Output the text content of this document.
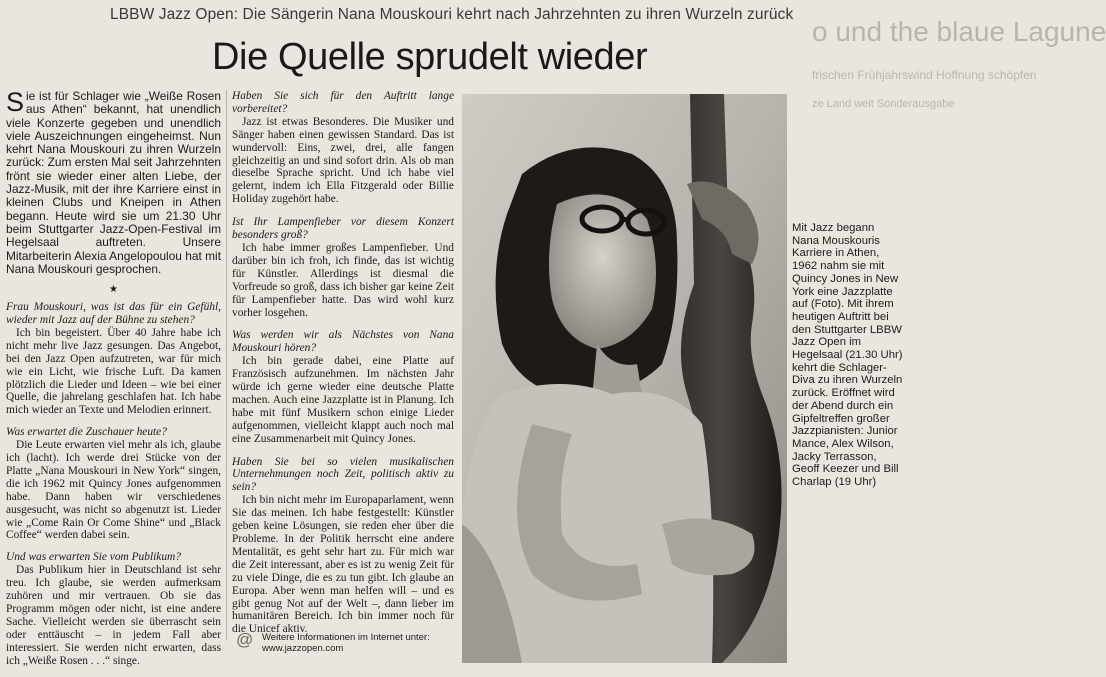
LBBW Jazz Open: Die Sängerin Nana Mouskouri kehrt nach Jahrzehnten zu ihren Wurzeln zurück
Die Quelle sprudelt wieder
o und the blaue Lagune
frischen Frühjahrswind Hoffnung schöpfen
ze Land weit Sonderausgabe

Sie ist für Schlager wie „Weiße Rosen aus Athen“ bekannt, hat unendlich viele Konzerte gegeben und unendlich viele Auszeichnungen eingeheimst. Nun kehrt Nana Mouskouri zu ihren Wurzeln zurück: Zum ersten Mal seit Jahrzehnten frönt sie wieder einer alten Liebe, der Jazz-Musik, mit der ihre Karriere einst in kleinen Clubs und Kneipen in Athen begann. Heute wird sie um 21.30 Uhr beim Stuttgarter Jazz-Open-Festival im Hegelsaal auftreten. Unsere Mitarbeiterin Alexia Angelopoulou hat mit Nana Mouskouri gesprochen.

★

Frau Mouskouri, was ist das für ein Gefühl, wieder mit Jazz auf der Bühne zu stehen?

Ich bin begeistert. Über 40 Jahre habe ich nicht mehr live Jazz gesungen. Das Angebot, bei den Jazz Open aufzutreten, war für mich wie ein Licht, wie frische Luft. Da kamen plötzlich die Lieder und Ideen – wie bei einer Quelle, die jahrelang geschlafen hat. Ich habe mich wieder an Texte und Melodien erinnert.

Was erwartet die Zuschauer heute?

Die Leute erwarten viel mehr als ich, glaube ich (lacht). Ich werde drei Stücke von der Platte „Nana Mouskouri in New York“ singen, die ich 1962 mit Quincy Jones aufgenommen habe. Dann haben wir verschiedenes ausgesucht, was nicht so abgenutzt ist. Lieder wie „Come Rain Or Come Shine“ und „Black Coffee“ werden dabei sein.

Und was erwarten Sie vom Publikum?

Das Publikum hier in Deutschland ist sehr treu. Ich glaube, sie werden aufmerksam zuhören und mir vertrauen. Ob sie das Programm mögen oder nicht, ist eine andere Sache. Vielleicht werden sie überrascht sein oder enttäuscht – in jedem Fall aber interessiert. Sie werden nicht erwarten, dass ich „Weiße Rosen . . .“ singe.

Haben Sie sich für den Auftritt lange vorbereitet?

Jazz ist etwas Besonderes. Die Musiker und Sänger haben einen gewissen Standard. Das ist wundervoll: Eins, zwei, drei, alle fangen gleichzeitig an und sind sofort drin. Als ob man dieselbe Sprache spricht. Und ich habe viel gelernt, indem ich Ella Fitzgerald oder Billie Holiday zugehört habe.

Ist Ihr Lampenfieber vor diesem Konzert besonders groß?

Ich habe immer großes Lampenfieber. Und darüber bin ich froh, ich finde, das ist wichtig für Künstler. Allerdings ist diesmal die Vorfreude so groß, dass ich bisher gar keine Zeit für Lampenfieber hatte. Das wird wohl kurz vorher losgehen.

Was werden wir als Nächstes von Nana Mouskouri hören?

Ich bin gerade dabei, eine Platte auf Französisch aufzunehmen. Im nächsten Jahr würde ich gerne wieder eine deutsche Platte machen. Auch eine Jazzplatte ist in Planung. Ich habe mit fünf Musikern schon einige Lieder aufgenommen, vielleicht klappt auch noch mal eine Zusammenarbeit mit Quincy Jones.

Haben Sie bei so vielen musikalischen Unternehmungen noch Zeit, politisch aktiv zu sein?

Ich bin nicht mehr im Europaparlament, wenn Sie das meinen. Ich habe festgestellt: Künstler geben keine Lösungen, sie reden eher über die Probleme. In der Politik herrscht eine andere Mentalität, es geht sehr hart zu. Für mich war die Zeit interessant, aber es ist zu wenig Zeit für zu viele Dinge, die es zu tun gibt. Ich glaube an Europa. Aber wenn man helfen will – und es gibt genug Not auf der Welt –, dann lieber im humanitären Bereich. Ich bin immer noch für die Unicef aktiv.

@ Weitere Informationen im Internet unter:
www.jazzopen.com

Mit Jazz begann Nana Mouskouris Karriere in Athen, 1962 nahm sie mit Quincy Jones in New York eine Jazzplatte auf (Foto). Mit ihrem heutigen Auftritt bei den Stuttgarter LBBW Jazz Open im Hegelsaal (21.30 Uhr) kehrt die Schlager-Diva zu ihren Wurzeln zurück. Eröffnet wird der Abend durch ein Gipfeltreffen großer Jazzpianisten: Junior Mance, Alex Wilson, Jacky Terrasson, Geoff Keezer und Bill Charlap (19 Uhr)
